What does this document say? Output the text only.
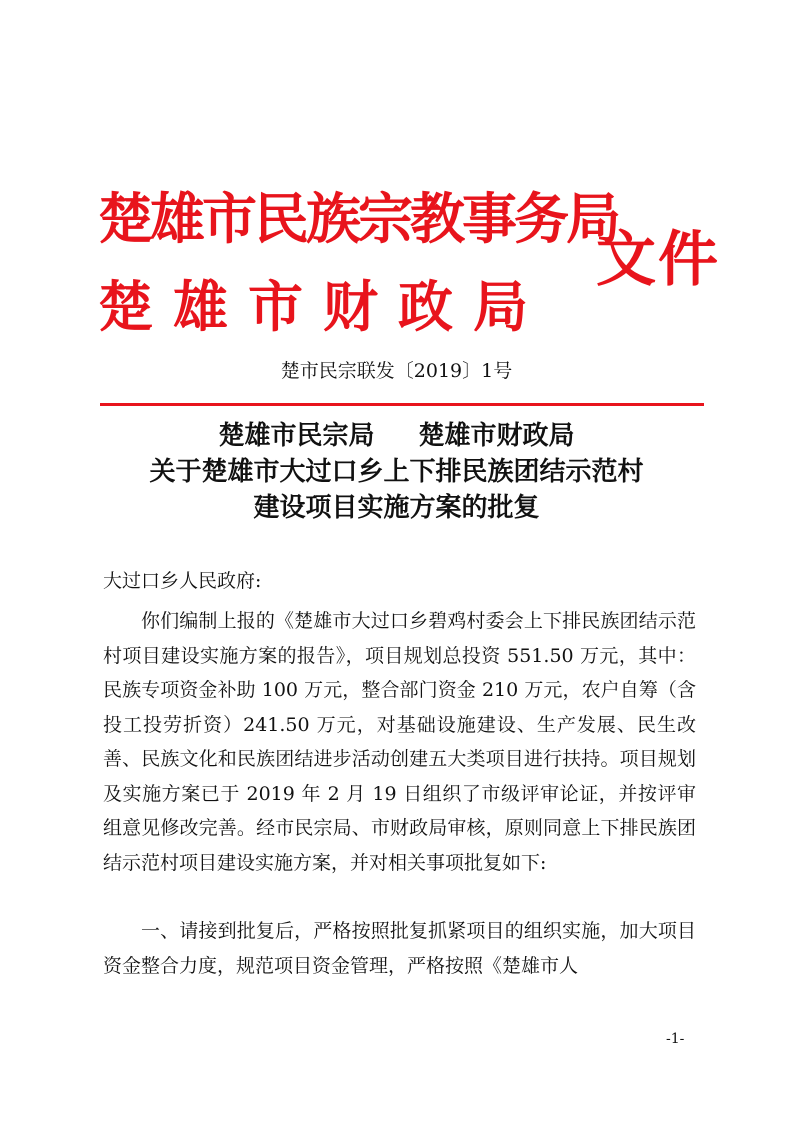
楚雄市民族宗教事务局
楚雄市财政局
文件
楚市民宗联发〔2019〕1号
楚雄市民宗局 楚雄市财政局
关于楚雄市大过口乡上下排民族团结示范村
建设项目实施方案的批复
大过口乡人民政府:

你们编制上报的《楚雄市大过口乡碧鸡村委会上下排民族团结示范村项目建设实施方案的报告》，项目规划总投资 551.50 万元，其中：民族专项资金补助 100 万元，整合部门资金 210 万元，农户自筹（含投工投劳折资）241.50 万元，对基础设施建设、生产发展、民生改善、民族文化和民族团结进步活动创建五大类项目进行扶持。项目规划及实施方案已于 2019 年 2 月 19 日组织了市级评审论证，并按评审组意见修改完善。经市民宗局、市财政局审核，原则同意上下排民族团结示范村项目建设实施方案，并对相关事项批复如下:

一、请接到批复后，严格按照批复抓紧项目的组织实施，加大项目资金整合力度，规范项目资金管理，严格按照《楚雄市人

-1-
